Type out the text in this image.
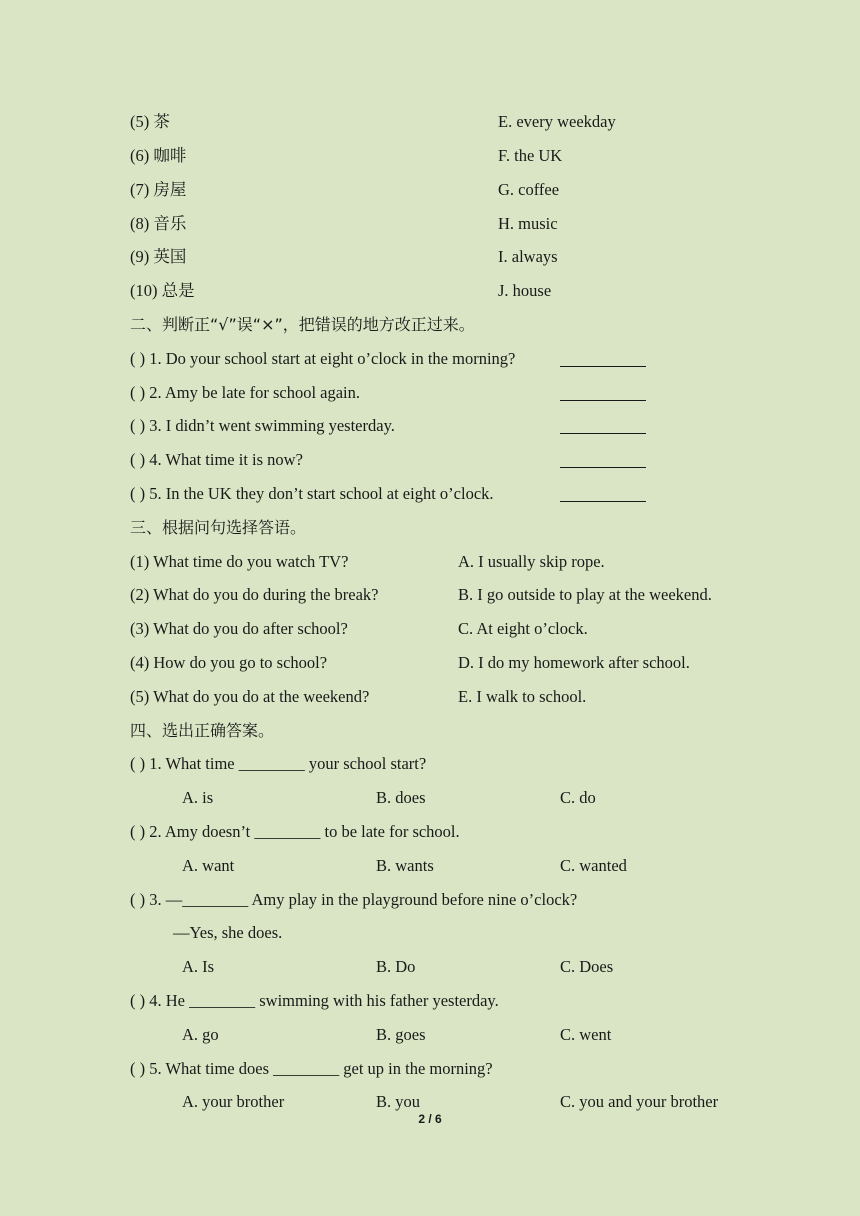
(5) 茶	E. every weekday
(6) 咖啡	F. the UK
(7) 房屋	G. coffee
(8) 音乐	H. music
(9) 英国	I. always
(10) 总是	J. house
二、判断正“√”误“×”，把错误的地方改正过来。
( ) 1. Do your school start at eight o’clock in the morning?
( ) 2. Amy be late for school again.
( ) 3. I didn’t went swimming yesterday.
( ) 4. What time it is now?
( ) 5. In the UK they don’t start school at eight o’clock.
三、根据问句选择答语。
(1) What time do you watch TV?	A. I usually skip rope.
(2) What do you do during the break?	B. I go outside to play at the weekend.
(3) What do you do after school?	C. At eight o’clock.
(4) How do you go to school?	D. I do my homework after school.
(5) What do you do at the weekend?	E. I walk to school.
四、选出正确答案。
( ) 1. What time ________ your school start?
A. is	B. does	C. do
( ) 2. Amy doesn’t ________ to be late for school.
A. want	B. wants	C. wanted
( ) 3. —________ Amy play in the playground before nine o’clock?
—Yes, she does.
A. Is	B. Do	C. Does
( ) 4. He ________ swimming with his father yesterday.
A. go	B. goes	C. went
( ) 5. What time does ________ get up in the morning?
A. your brother	B. you	C. you and your brother
2 / 6
